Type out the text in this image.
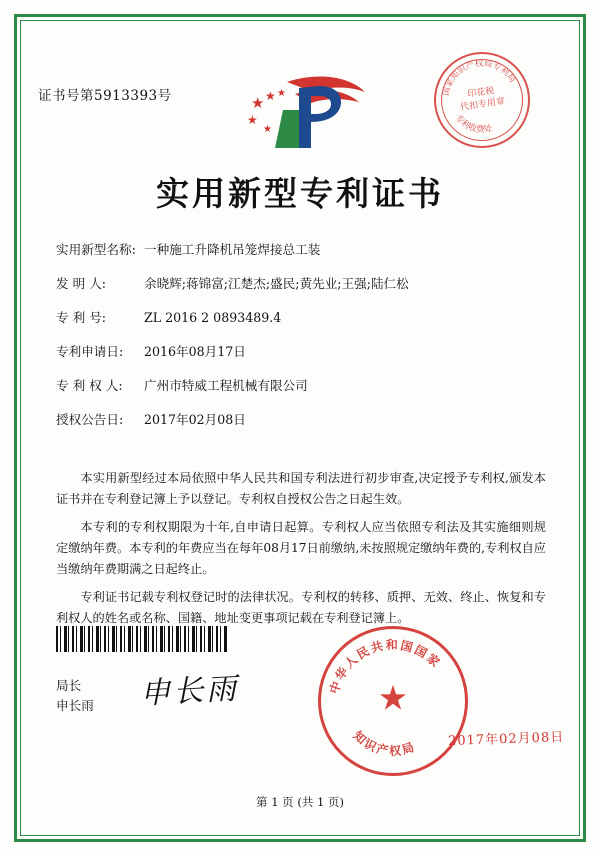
证书号第5913393号	★ ★
★
★
★	国家知识产权局专利局
专利收费处
印花税
代扣专用章
实用新型专利证书
实用新型名称: 一种施工升降机吊笼焊接总工装
发 明 人:	余晓辉;蒋锦富;江楚杰;盛民;黄先业;王强;陆仁松
专 利 号:	ZL 2016 2 0893489.4
专利申请日: 2016年08月17日
专 利 权 人: 广州市特威工程机械有限公司
授权公告日: 2017年02月08日

本实用新型经过本局依照中华人民共和国专利法进行初步审查,决定授予专利权,颁发本证书并在专利登记簿上予以登记。专利权自授权公告之日起生效。

本专利的专利权期限为十年,自申请日起算。专利权人应当依照专利法及其实施细则规定缴纳年费。本专利的年费应当在每年08月17日前缴纳,未按照规定缴纳年费的,专利权自应当缴纳年费期满之日起终止。

专利证书记载专利权登记时的法律状况。专利权的转移、质押、无效、终止、恢复和专利权人的姓名或名称、国籍、地址变更事项记载在专利登记簿上。

局长
申长雨 申长雨	中华人民共和国国家
知识产权局
★
2017年02月08日
第 1 页 (共 1 页)
